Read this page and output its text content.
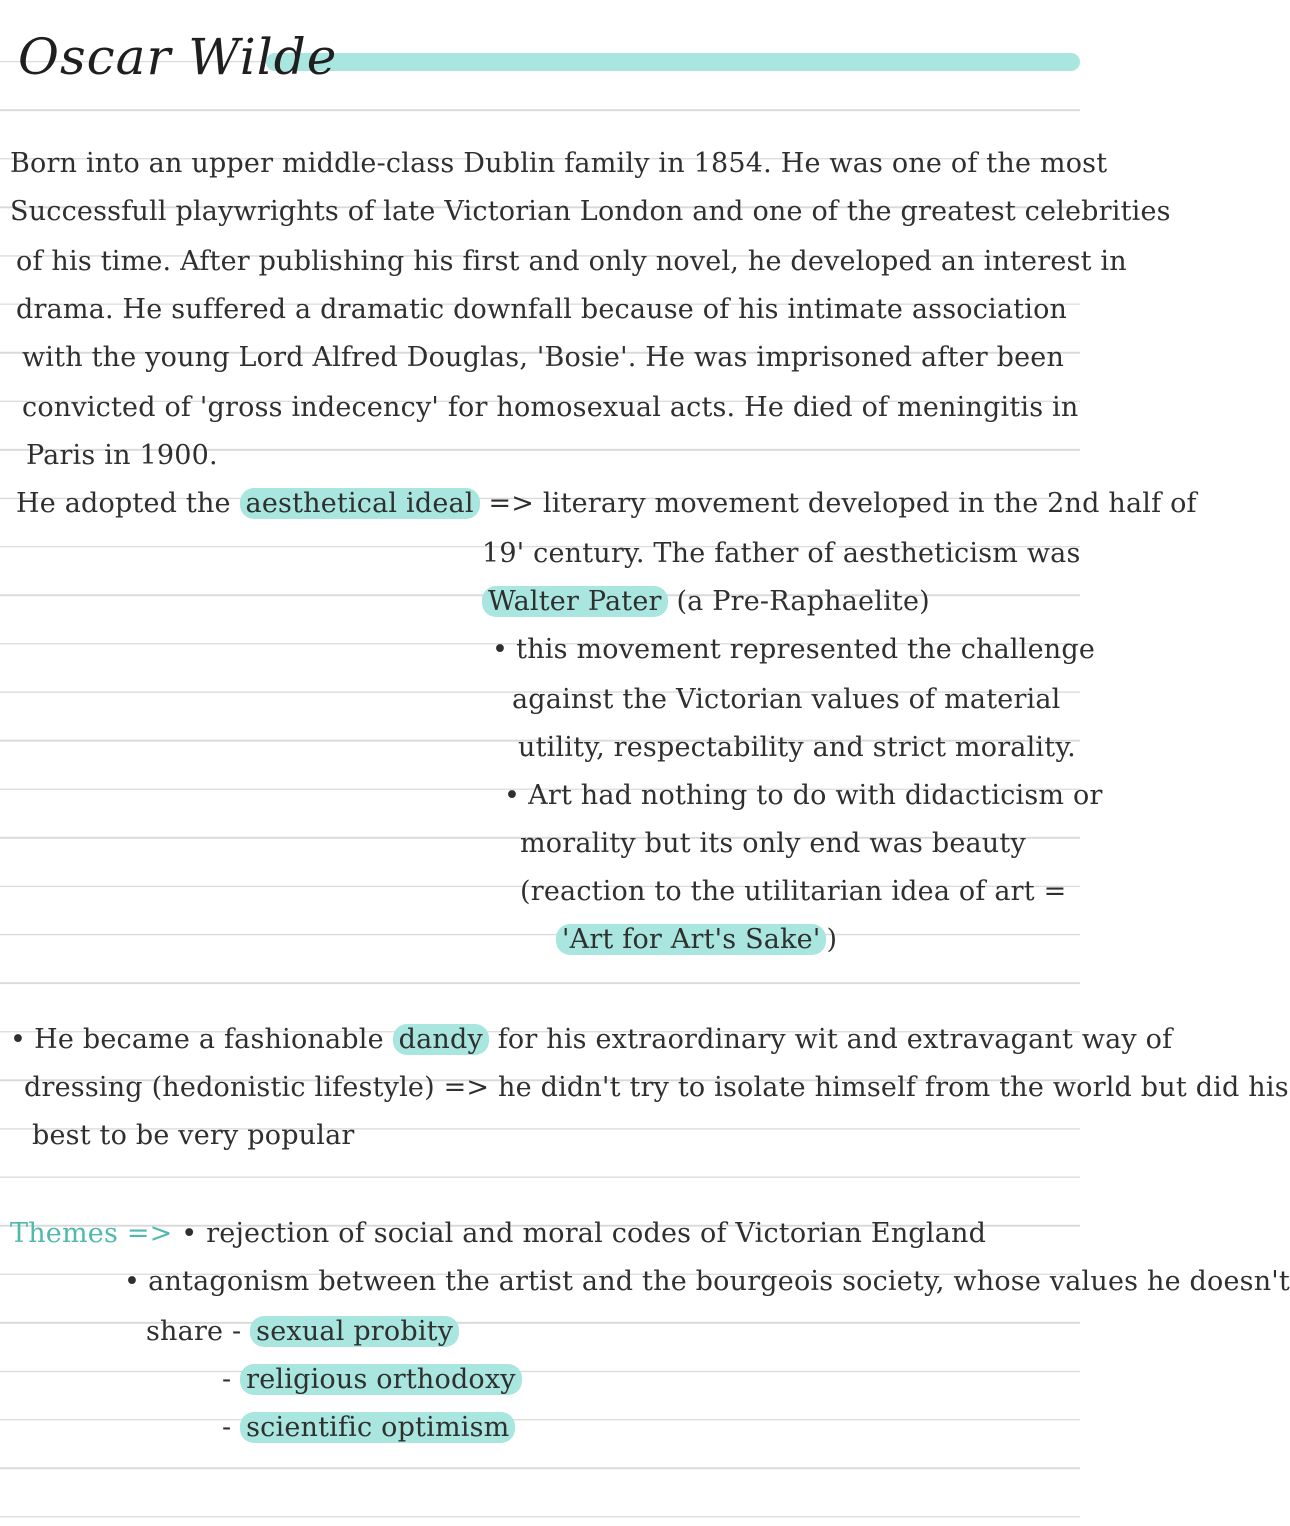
Oscar Wilde
Born into an upper middle-class Dublin family in 1854. He was one of the most
Successfull playwrights of late Victorian London and one of the greatest celebrities
of his time. After publishing his first and only novel, he developed an interest in
drama. He suffered a dramatic downfall because of his intimate association
with the young Lord Alfred Douglas, 'Bosie'. He was imprisoned after been
convicted of 'gross indecency' for homosexual acts. He died of meningitis in
Paris in 1900.
He adopted the aesthetical ideal => literary movement developed in the 2nd half of
19' century. The father of aestheticism was
Walter Pater (a Pre-Raphaelite)
• this movement represented the challenge
against the Victorian values of material
utility, respectability and strict morality.
• Art had nothing to do with didacticism or
morality but its only end was beauty
(reaction to the utilitarian idea of art =
'Art for Art's Sake' )
• He became a fashionable dandy for his extraordinary wit and extravagant way of
dressing (hedonistic lifestyle) => he didn't try to isolate himself from the world but did his
best to be very popular
Themes => • rejection of social and moral codes of Victorian England
• antagonism between the artist and the bourgeois society, whose values he doesn't
share - sexual probity
- religious orthodoxy
- scientific optimism
